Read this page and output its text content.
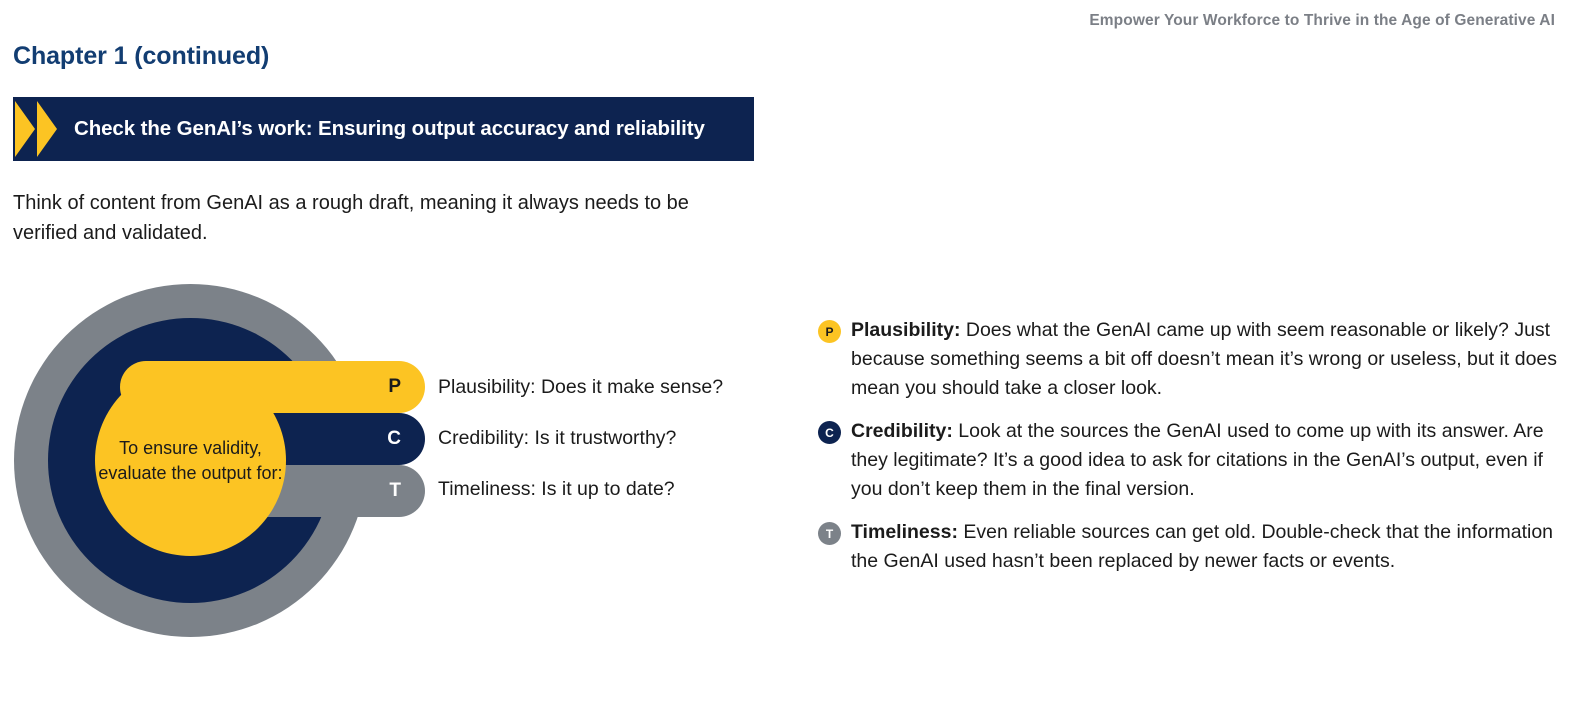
Empower Your Workforce to Thrive in the Age of Generative AI
Chapter 1 (continued)
Check the GenAI’s work: Ensuring output accuracy and reliability
Think of content from GenAI as a rough draft, meaning it always needs to be verified and validated.
T
C
P
To ensure validity, evaluate the output for:
Plausibility: Does it make sense?
Credibility: Is it trustworthy?
Timeliness: Is it up to date?
P Plausibility: Does what the GenAI came up with seem reasonable or likely? Just because something seems a bit off doesn’t mean it’s wrong or useless, but it does mean you should take a closer look.
C Credibility: Look at the sources the GenAI used to come up with its answer. Are they legitimate? It’s a good idea to ask for citations in the GenAI’s output, even if you don’t keep them in the final version.
T Timeliness: Even reliable sources can get old. Double-check that the information the GenAI used hasn’t been replaced by newer facts or events.
